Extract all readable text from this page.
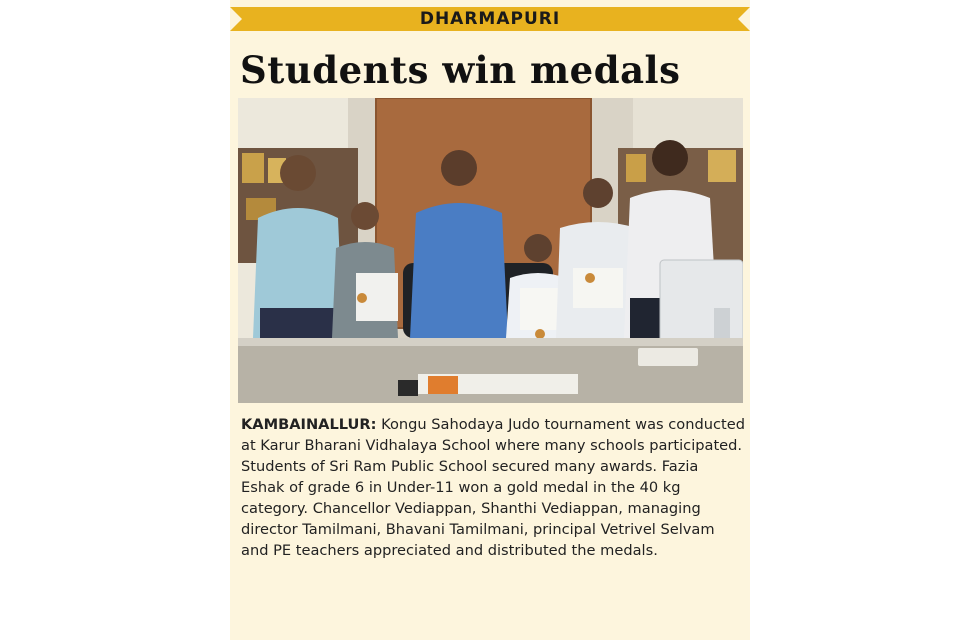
DHARMAPURI
Students win medals
KAMBAINALLUR: Kongu Sahodaya Judo tournament was conducted at Karur Bharani Vidhalaya School where many schools participated. Students of Sri Ram Public School secured many awards. Fazia Eshak of grade 6 in Under-11 won a gold medal in the 40 kg category. Chancellor Vediappan, Shanthi Vediappan, managing director Tamilmani, Bhavani Tamilmani, principal Vetrivel Selvam and PE teachers appreciated and distributed the medals.
